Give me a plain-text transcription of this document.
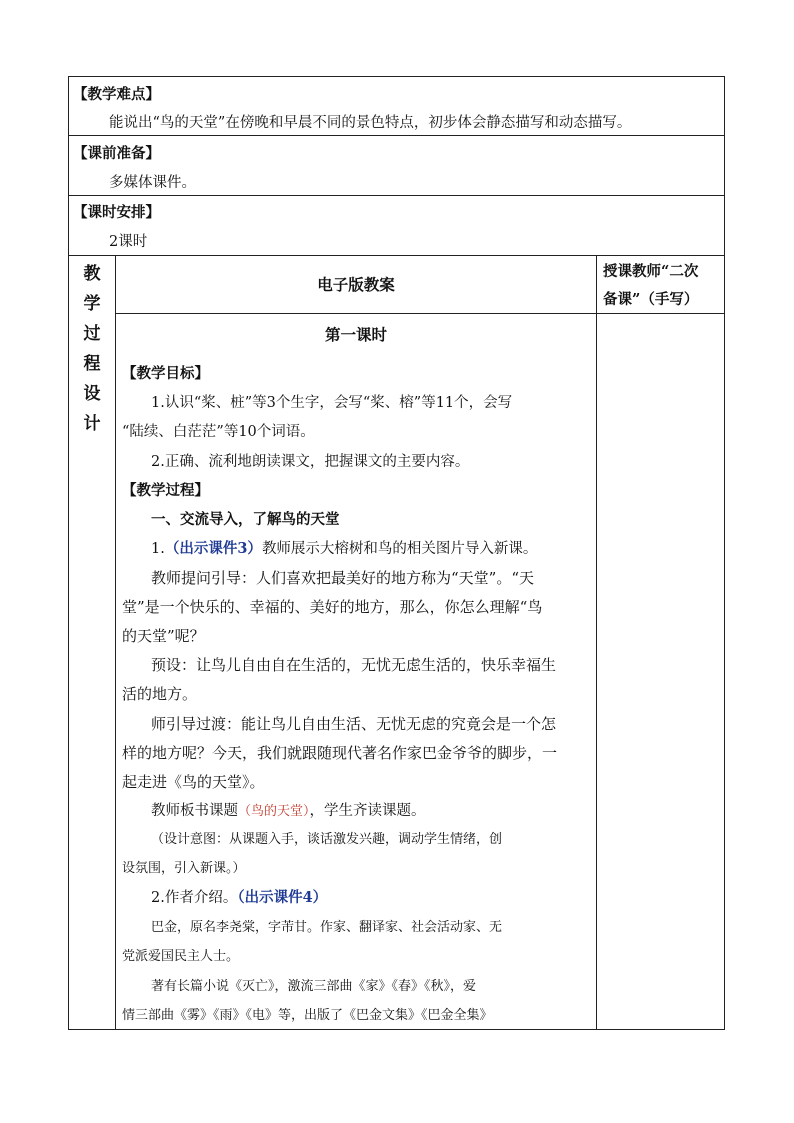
【教学难点】
能说出“鸟的天堂”在傍晚和早晨不同的景色特点，初步体会静态描写和动态描写。
【课前准备】
多媒体课件。
【课时安排】
2课时
教
学
过
程
设
计
电子版教案
授课教师“二次
备课”（手写）
第一课时
【教学目标】
1.认识“桨、桩”等3个生字，会写“桨、榕”等11个，会写
“陆续、白茫茫”等10个词语。
2.正确、流利地朗读课文，把握课文的主要内容。
【教学过程】
一、交流导入，了解鸟的天堂
1.（出示课件3）教师展示大榕树和鸟的相关图片导入新课。
教师提问引导：人们喜欢把最美好的地方称为“天堂”。“天
堂”是一个快乐的、幸福的、美好的地方，那么，你怎么理解“鸟
的天堂”呢？
预设：让鸟儿自由自在生活的，无忧无虑生活的，快乐幸福生
活的地方。
师引导过渡：能让鸟儿自由生活、无忧无虑的究竟会是一个怎
样的地方呢？今天，我们就跟随现代著名作家巴金爷爷的脚步，一
起走进《鸟的天堂》。
教师板书课题（鸟的天堂），学生齐读课题。
（设计意图：从课题入手，谈话激发兴趣，调动学生情绪，创
设氛围，引入新课。）
2.作者介绍。（出示课件4）
巴金，原名李尧棠，字芾甘。作家、翻译家、社会活动家、无
党派爱国民主人士。
著有长篇小说《灭亡》，激流三部曲《家》《春》《秋》，爱
情三部曲《雾》《雨》《电》等，出版了《巴金文集》《巴金全集》
